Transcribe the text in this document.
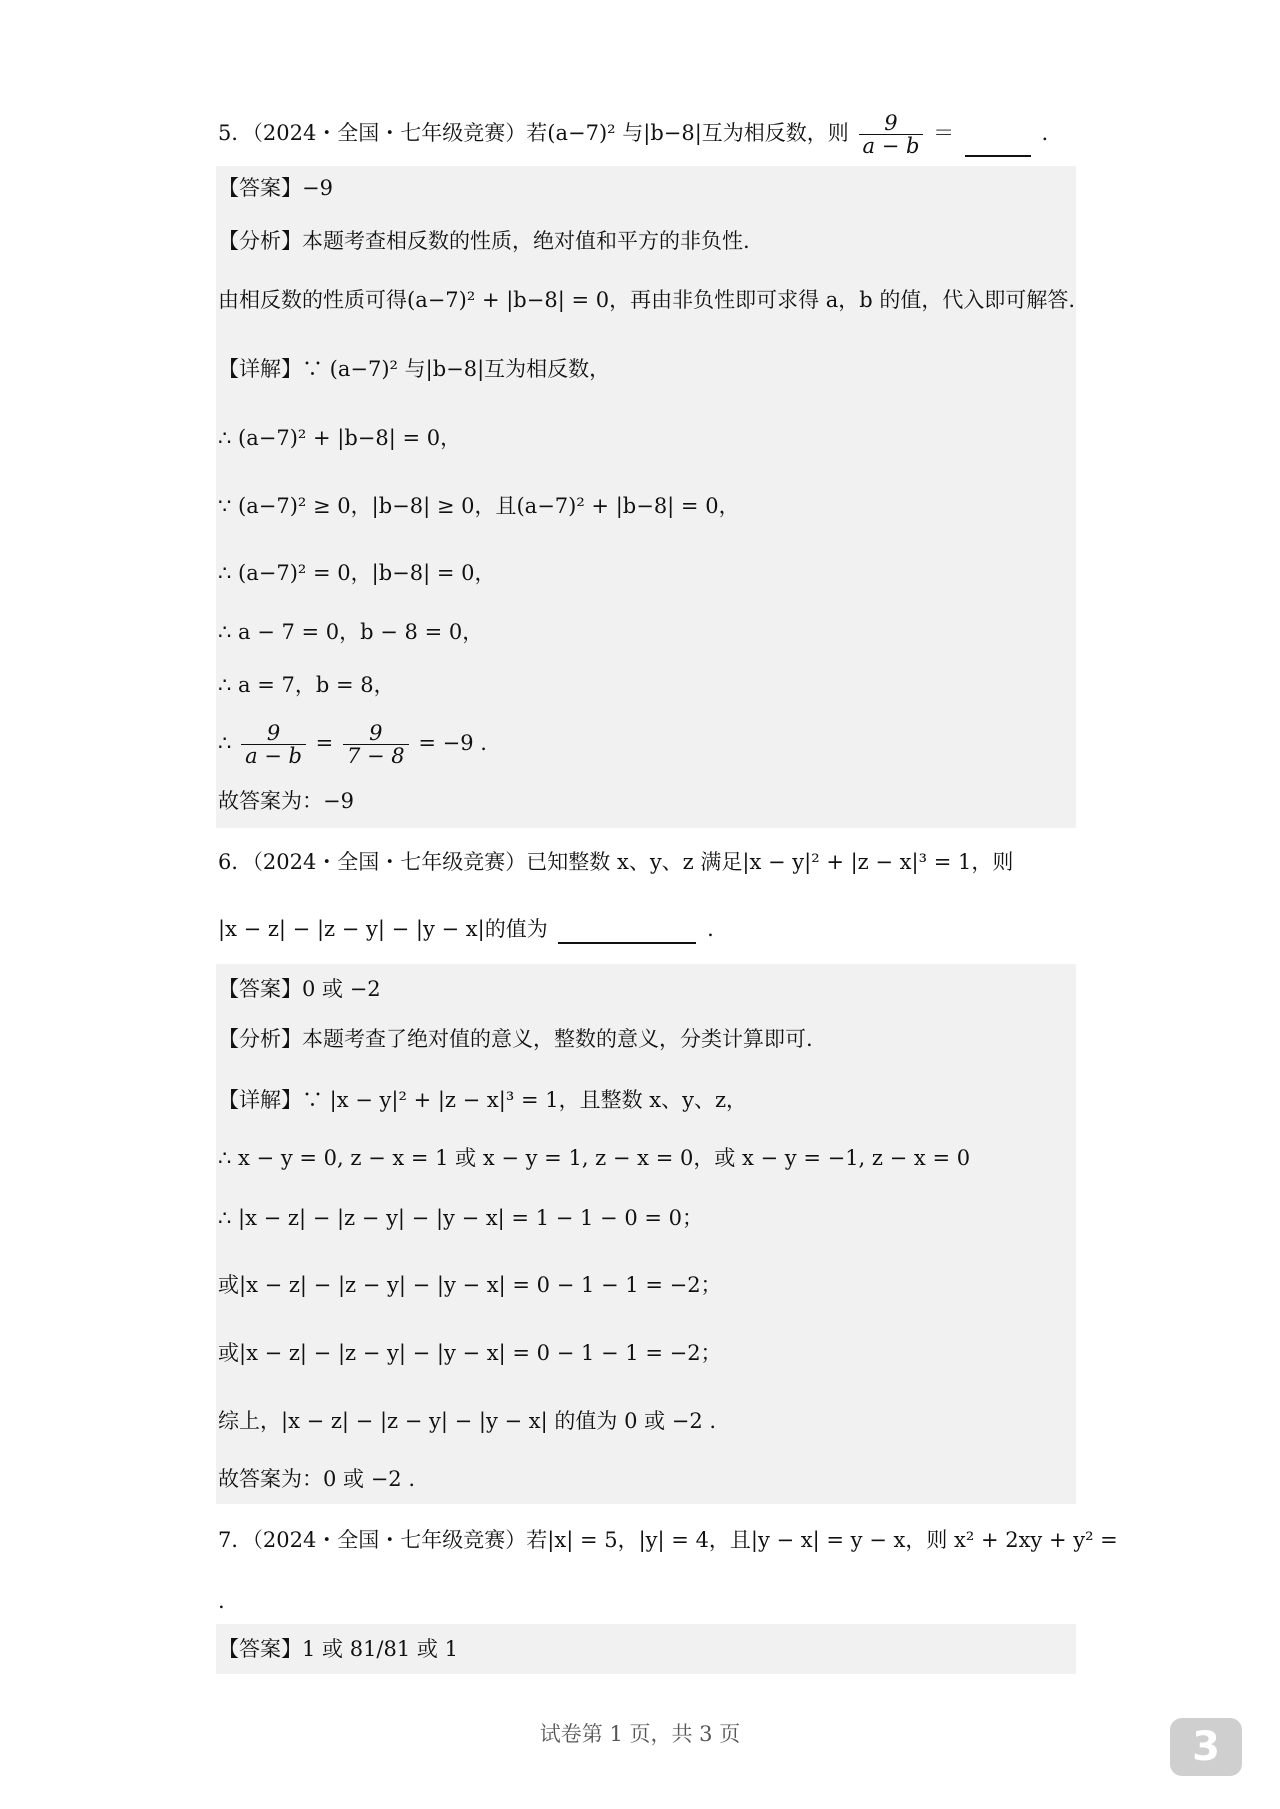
5．（2024・全国・七年级竞赛）若(a−7)² 与|b−8|互为相反数，则 $\frac{9}{a - b}$ ＝	.
【答案】−9
【分析】本题考查相反数的性质，绝对值和平方的非负性.
由相反数的性质可得(a−7)² + |b−8| = 0，再由非负性即可求得 a，b 的值，代入即可解答.
【详解】∵ (a−7)² 与|b−8|互为相反数，
∴ (a−7)² + |b−8| = 0，
∵ (a−7)² ≥ 0，|b−8| ≥ 0，且(a−7)² + |b−8| = 0，
∴ (a−7)² = 0，|b−8| = 0，
∴ a − 7 = 0，b − 8 = 0，
∴ a = 7，b = 8，
∴ $\frac{9}{a - b} = \frac{9}{7 - 8} = -9$ .
故答案为：−9
6．（2024・全国・七年级竞赛）已知整数 x、y、z 满足|x − y|² + |z − x|³ = 1，则
|x − z| − |z − y| − |y − x|的值为	.
【答案】0 或 −2
【分析】本题考查了绝对值的意义，整数的意义，分类计算即可.
【详解】∵ |x − y|² + |z − x|³ = 1，且整数 x、y、z，
∴ x − y = 0, z − x = 1 或 x − y = 1, z − x = 0，或 x − y = −1, z − x = 0
∴ |x − z| − |z − y| − |y − x| = 1 − 1 − 0 = 0；
或|x − z| − |z − y| − |y − x| = 0 − 1 − 1 = −2；
或|x − z| − |z − y| − |y − x| = 0 − 1 − 1 = −2；
综上，|x − z| − |z − y| − |y − x| 的值为 0 或 −2 .
故答案为：0 或 −2 .
7．（2024・全国・七年级竞赛）若|x| = 5，|y| = 4，且|y − x| = y − x，则 x² + 2xy + y² =
.
【答案】1 或 81/81 或 1
试卷第 1 页，共 3 页	3
